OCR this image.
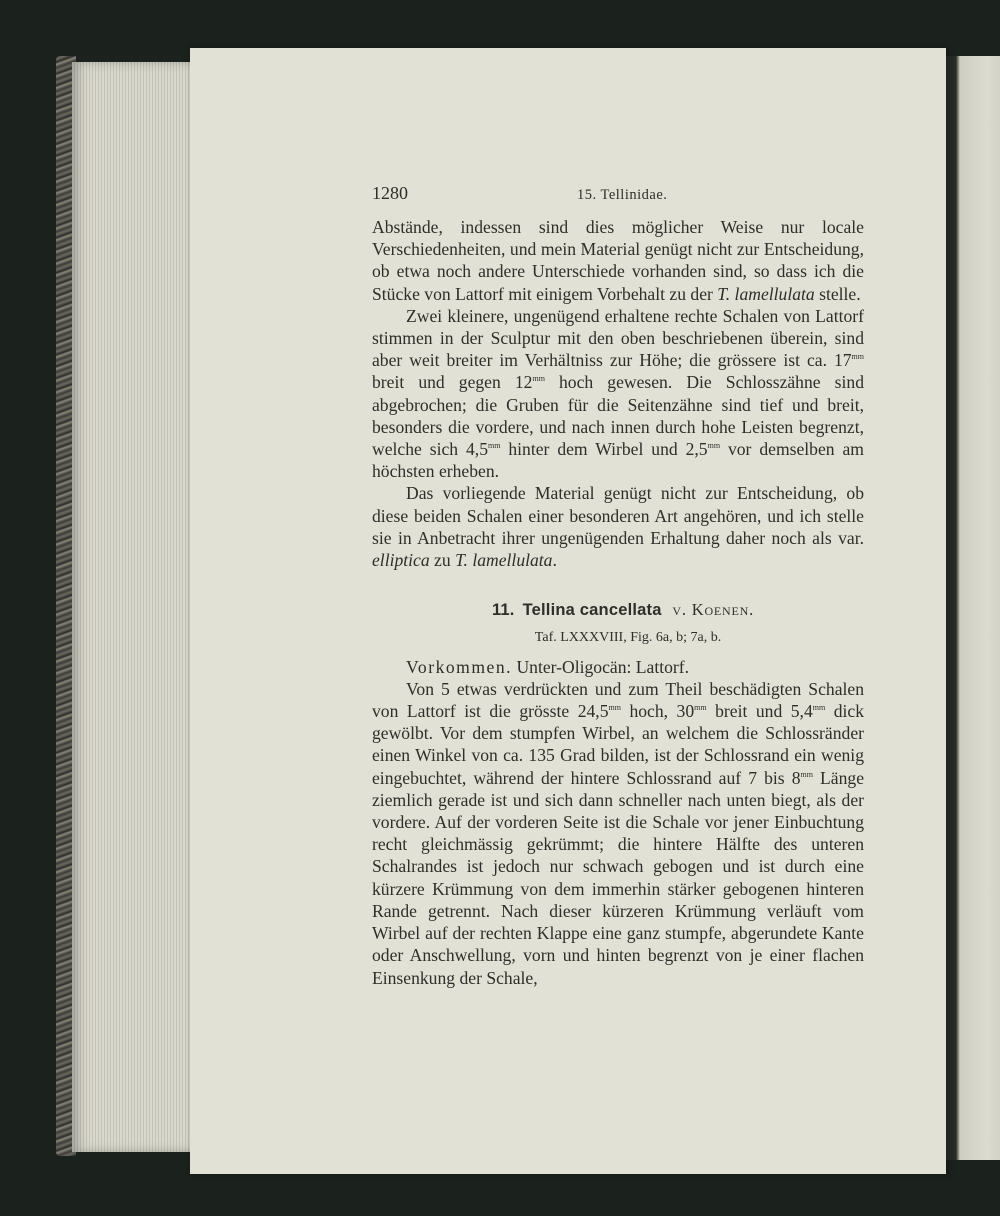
1280	15. Tellinidae.

Abstände, indessen sind dies möglicher Weise nur locale Verschiedenheiten, und mein Material genügt nicht zur Entscheidung, ob etwa noch andere Unterschiede vorhanden sind, so dass ich die Stücke von Lattorf mit einigem Vorbehalt zu der T. lamellulata stelle.

Zwei kleinere, ungenügend erhaltene rechte Schalen von Lattorf stimmen in der Sculptur mit den oben beschriebenen überein, sind aber weit breiter im Verhältniss zur Höhe; die grössere ist ca. $17^{mm}$ breit und gegen $12^{mm}$ hoch gewesen. Die Schlosszähne sind abgebrochen; die Gruben für die Seitenzähne sind tief und breit, besonders die vordere, und nach innen durch hohe Leisten begrenzt, welche sich $4,5^{mm}$ hinter dem Wirbel und $2,5^{mm}$ vor demselben am höchsten erheben.

Das vorliegende Material genügt nicht zur Entscheidung, ob diese beiden Schalen einer besonderen Art angehören, und ich stelle sie in Anbetracht ihrer ungenügenden Erhaltung daher noch als var. elliptica zu T. lamellulata.

11. Tellina cancellata v. Koenen.
Taf. LXXXVIII, Fig. 6a, b; 7a, b.

Vorkommen. Unter-Oligocän: Lattorf.

Von 5 etwas verdrückten und zum Theil beschädigten Schalen von Lattorf ist die grösste $24,5^{mm}$ hoch, $30^{mm}$ breit und $5,4^{mm}$ dick gewölbt. Vor dem stumpfen Wirbel, an welchem die Schlossränder einen Winkel von ca. 135 Grad bilden, ist der Schlossrand ein wenig eingebuchtet, während der hintere Schlossrand auf 7 bis $8^{mm}$ Länge ziemlich gerade ist und sich dann schneller nach unten biegt, als der vordere. Auf der vorderen Seite ist die Schale vor jener Einbuchtung recht gleichmässig gekrümmt; die hintere Hälfte des unteren Schalrandes ist jedoch nur schwach gebogen und ist durch eine kürzere Krümmung von dem immerhin stärker gebogenen hinteren Rande getrennt. Nach dieser kürzeren Krümmung verläuft vom Wirbel auf der rechten Klappe eine ganz stumpfe, abgerundete Kante oder Anschwellung, vorn und hinten begrenzt von je einer flachen Einsenkung der Schale,
